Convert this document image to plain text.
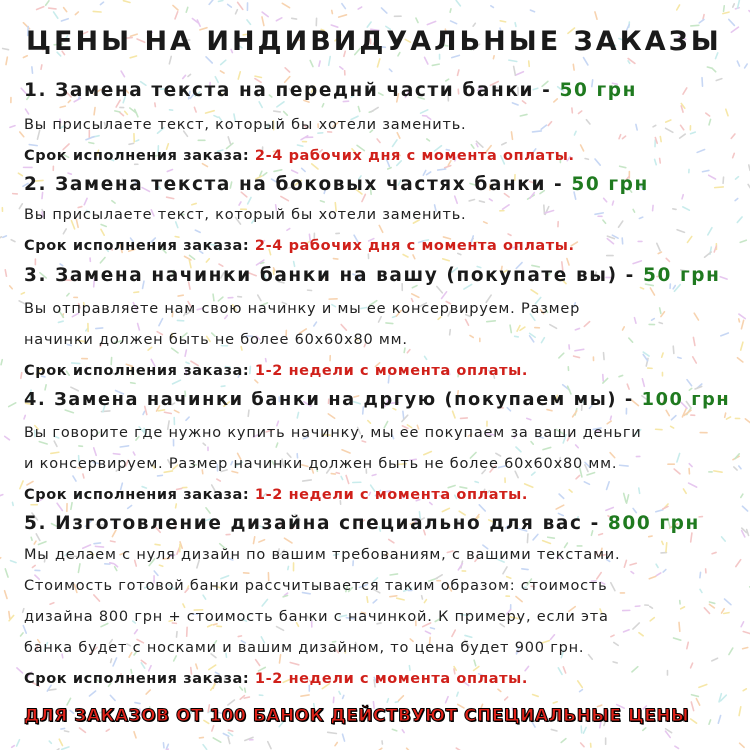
ЦЕНЫ НА ИНДИВИДУАЛЬНЫЕ ЗАКАЗЫ
1. Замена текста на переднй части банки - 50 грн
Вы присылаете текст, который бы хотели заменить.
Срок исполнения заказа: 2-4 рабочих дня с момента оплаты.
2. Замена текста на боковых частях банки - 50 грн
Вы присылаете текст, который бы хотели заменить.
Срок исполнения заказа: 2-4 рабочих дня с момента оплаты.
3. Замена начинки банки на вашу (покупате вы) - 50 грн
Вы отправляете нам свою начинку и мы ее консервируем. Размер
начинки должен быть не более 60х60х80 мм.
Срок исполнения заказа: 1-2 недели с момента оплаты.
4. Замена начинки банки на дргую (покупаем мы) - 100 грн
Вы говорите где нужно купить начинку, мы ее покупаем за ваши деньги
и консервируем. Размер начинки должен быть не более 60х60х80 мм.
Срок исполнения заказа: 1-2 недели с момента оплаты.
5. Изготовление дизайна специально для вас - 800 грн
Мы делаем с нуля дизайн по вашим требованиям, с вашими текстами.
Стоимость готовой банки рассчитывается таким образом: стоимость
дизайна 800 грн + стоимость банки с начинкой. К примеру, если эта
банка будет с носками и вашим дизайном, то цена будет 900 грн.
Срок исполнения заказа: 1-2 недели с момента оплаты.
ДЛЯ ЗАКАЗОВ ОТ 100 БАНОК ДЕЙСТВУЮТ СПЕЦИАЛЬНЫЕ ЦЕНЫ
